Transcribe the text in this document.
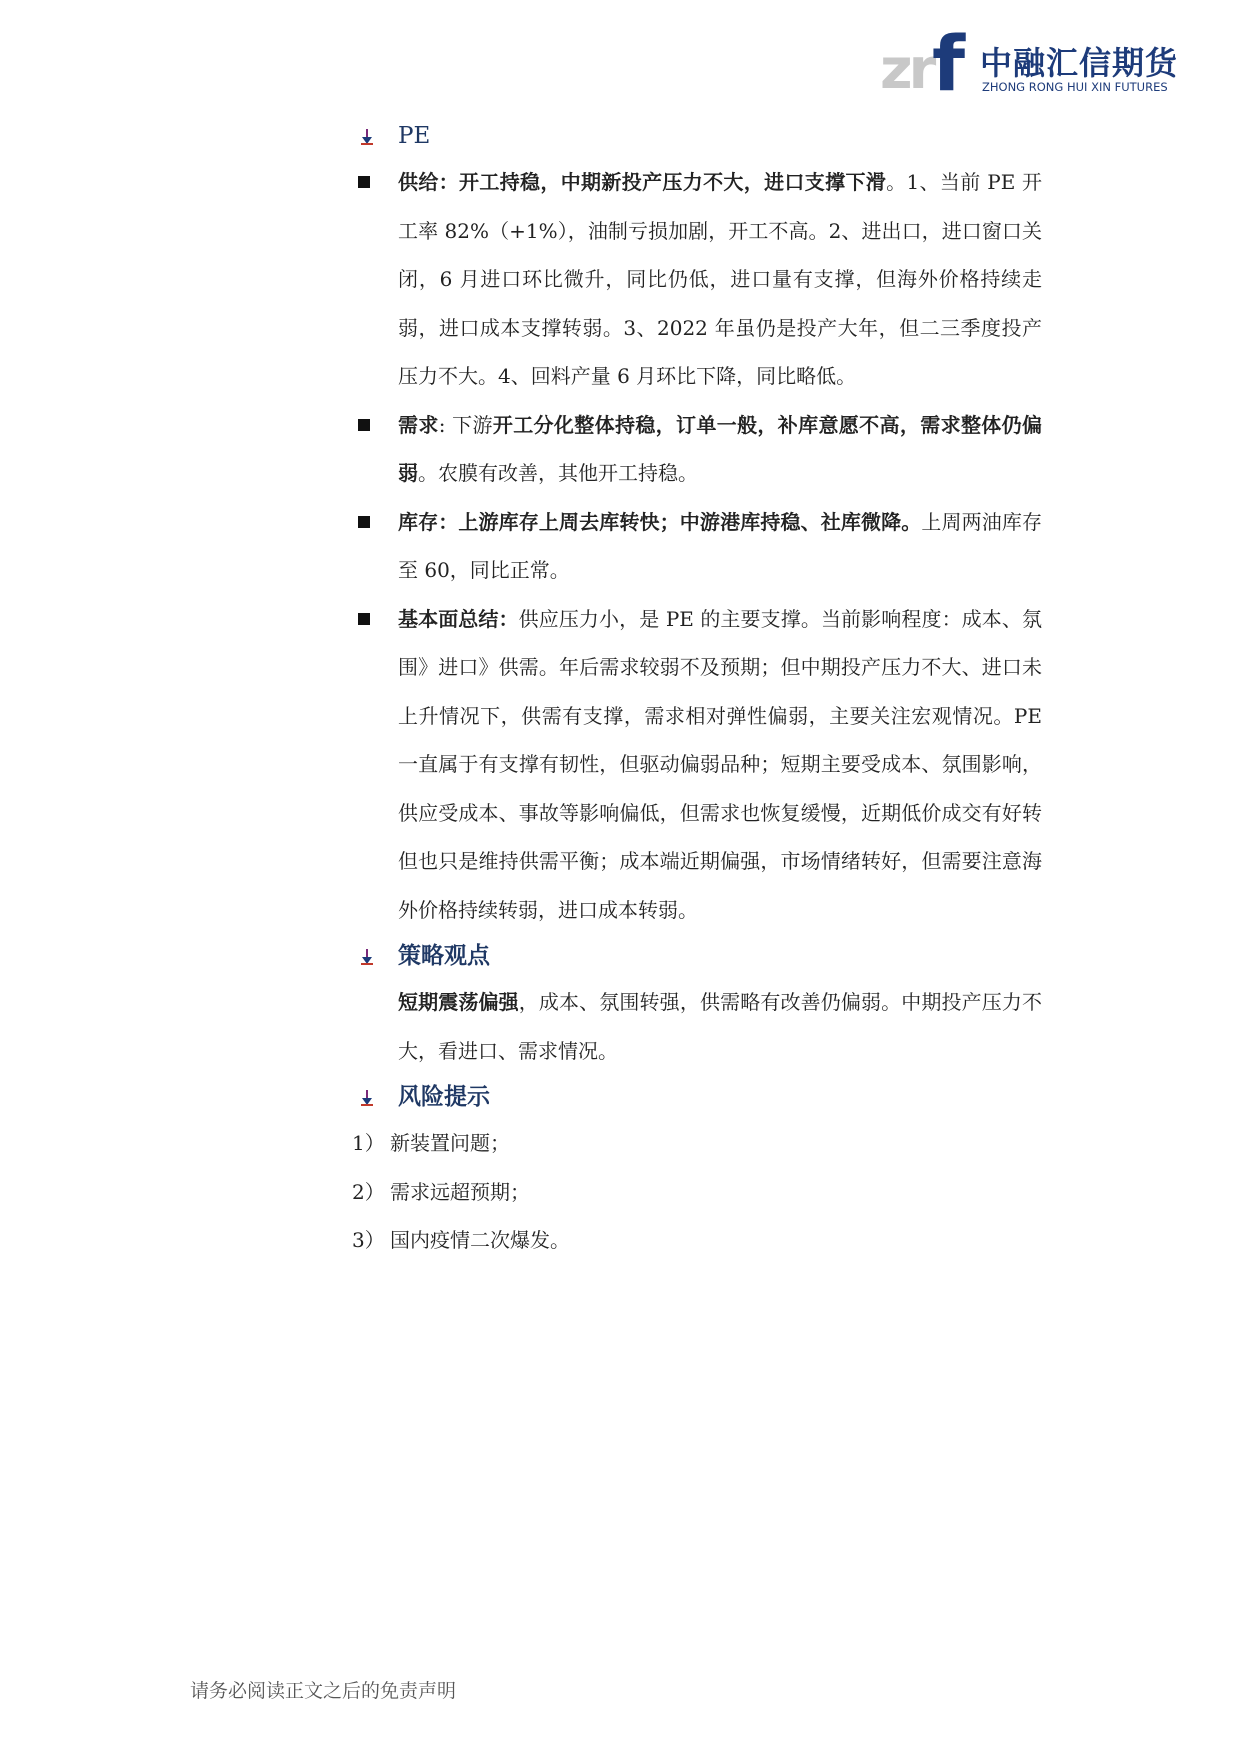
zr f 中融汇信期货
ZHONG RONG HUI XIN FUTURES
PE
供给：开工持稳，中期新投产压力不大，进口支撑下滑。1、当前 PE 开工率 82%（+1%），油制亏损加剧，开工不高。2、进出口，进口窗口关闭，6 月进口环比微升，同比仍低，进口量有支撑，但海外价格持续走弱，进口成本支撑转弱。3、2022 年虽仍是投产大年，但二三季度投产压力不大。4、回料产量 6 月环比下降，同比略低。
需求: 下游开工分化整体持稳，订单一般，补库意愿不高，需求整体仍偏弱。农膜有改善，其他开工持稳。
库存：上游库存上周去库转快；中游港库持稳、社库微降。上周两油库存至 60，同比正常。
基本面总结：供应压力小，是 PE 的主要支撑。当前影响程度：成本、氛围》进口》供需。年后需求较弱不及预期；但中期投产压力不大、进口未上升情况下，供需有支撑，需求相对弹性偏弱，主要关注宏观情况。PE 一直属于有支撑有韧性，但驱动偏弱品种；短期主要受成本、氛围影响，供应受成本、事故等影响偏低，但需求也恢复缓慢，近期低价成交有好转但也只是维持供需平衡；成本端近期偏强，市场情绪转好，但需要注意海外价格持续转弱，进口成本转弱。
策略观点
短期震荡偏强，成本、氛围转强，供需略有改善仍偏弱。中期投产压力不大，看进口、需求情况。
风险提示
1） 新装置问题；
2） 需求远超预期；
3） 国内疫情二次爆发。
请务必阅读正文之后的免责声明
